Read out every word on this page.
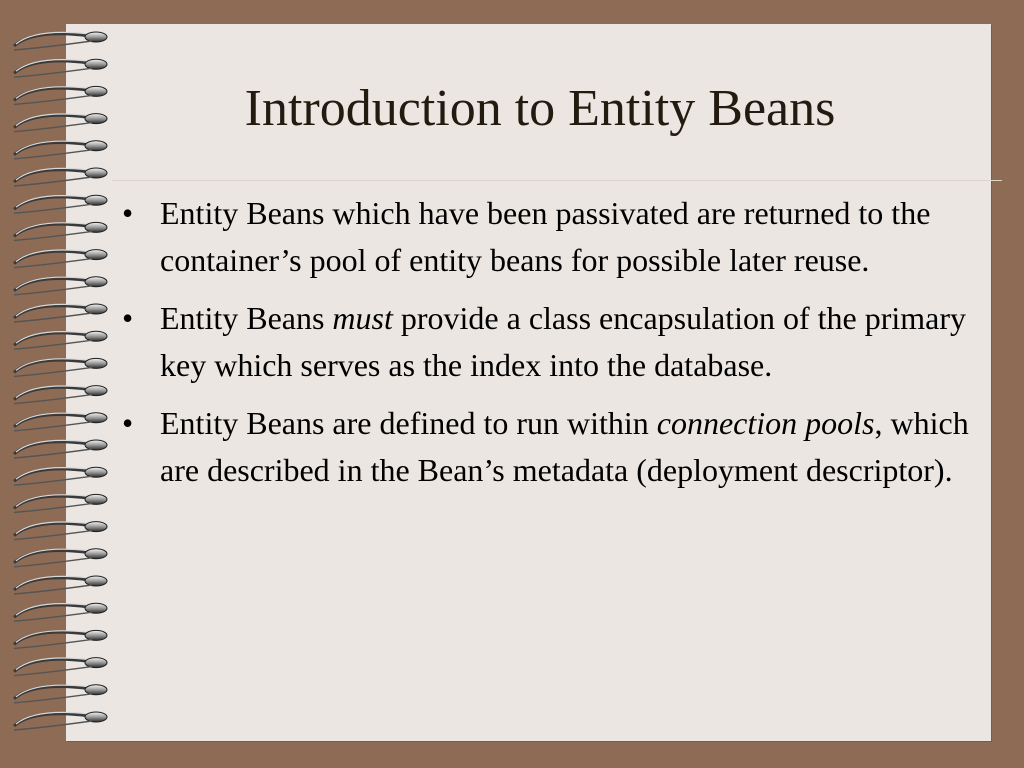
Introduction to Entity Beans
• Entity Beans which have been passivated are returned to the container’s pool of entity beans for possible later reuse.
• Entity Beans must provide a class encapsulation of the primary key which serves as the index into the database.
• Entity Beans are defined to run within connection pools, which are described in the Bean’s metadata (deployment descriptor).
